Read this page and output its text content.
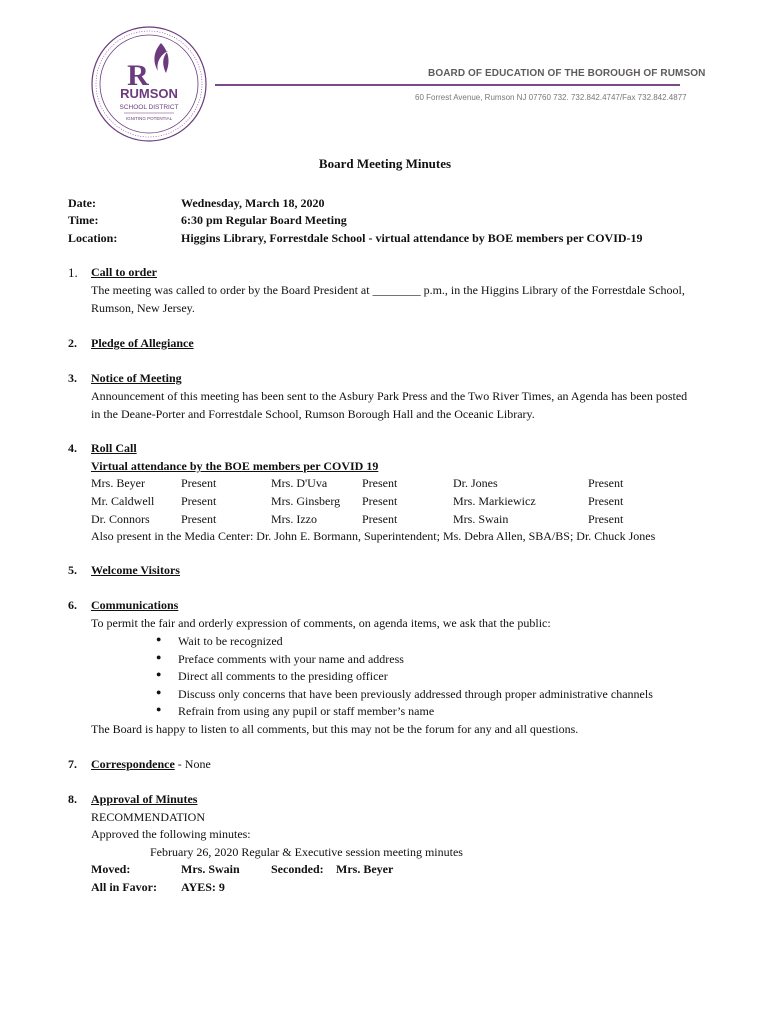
R
RUMSON
SCHOOL DISTRICT
IGNITING POTENTIAL
BOARD OF EDUCATION OF THE BOROUGH OF RUMSON
60 Forrest Avenue, Rumson NJ 07760 732. 732.842.4747/Fax 732.842.4877
Board Meeting Minutes
Date:	Wednesday, March 18, 2020
Time:	6:30 pm Regular Board Meeting
Location:	Higgins Library, Forrestdale School - virtual attendance by BOE members per COVID-19
1. Call to order
The meeting was called to order by the Board President at ________ p.m., in the Higgins Library of the Forrestdale School,
Rumson, New Jersey.
2. Pledge of Allegiance
3. Notice of Meeting
Announcement of this meeting has been sent to the Asbury Park Press and the Two River Times, an Agenda has been posted
in the Deane-Porter and Forrestdale School, Rumson Borough Hall and the Oceanic Library.
4. Roll Call
Virtual attendance by the BOE members per COVID 19
Mrs. Beyer	Present	Mrs. D'Uva	Present	Dr. Jones	Present
Mr. Caldwell Present	Mrs. Ginsberg Present	Mrs. Markiewicz	Present
Dr. Connors	Present	Mrs. Izzo	Present	Mrs. Swain	Present
Also present in the Media Center: Dr. John E. Bormann, Superintendent; Ms. Debra Allen, SBA/BS; Dr. Chuck Jones
5. Welcome Visitors
6. Communications
To permit the fair and orderly expression of comments, on agenda items, we ask that the public:
● Wait to be recognized
● Preface comments with your name and address
● Direct all comments to the presiding officer
● Discuss only concerns that have been previously addressed through proper administrative channels
● Refrain from using any pupil or staff member’s name
The Board is happy to listen to all comments, but this may not be the forum for any and all questions.
7. Correspondence - None
8. Approval of Minutes
RECOMMENDATION
Approved the following minutes:
February 26, 2020 Regular & Executive session meeting minutes
Moved:	Mrs. Swain	Seconded: Mrs. Beyer
All in Favor: AYES: 9
